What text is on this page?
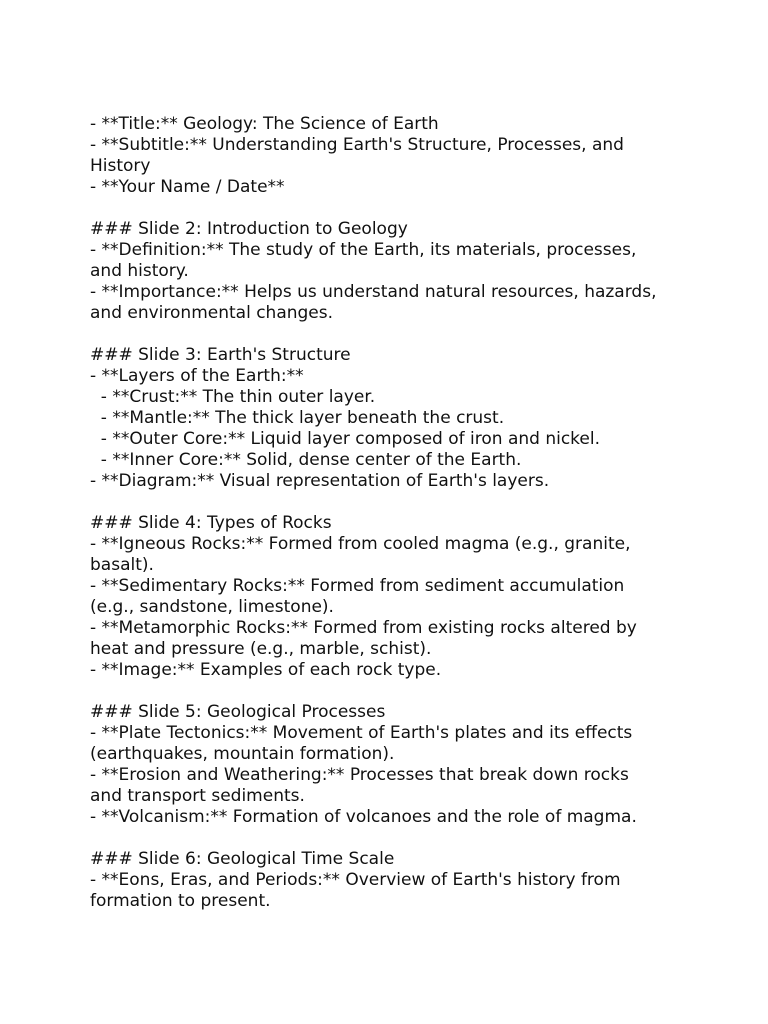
- **Title:** Geology: The Science of Earth
- **Subtitle:** Understanding Earth's Structure, Processes, and
History
- **Your Name / Date**
### Slide 2: Introduction to Geology
- **Definition:** The study of the Earth, its materials, processes,
and history.
- **Importance:** Helps us understand natural resources, hazards,
and environmental changes.
### Slide 3: Earth's Structure
- **Layers of the Earth:**
- **Crust:** The thin outer layer.
- **Mantle:** The thick layer beneath the crust.
- **Outer Core:** Liquid layer composed of iron and nickel.
- **Inner Core:** Solid, dense center of the Earth.
- **Diagram:** Visual representation of Earth's layers.
### Slide 4: Types of Rocks
- **Igneous Rocks:** Formed from cooled magma (e.g., granite,
basalt).
- **Sedimentary Rocks:** Formed from sediment accumulation
(e.g., sandstone, limestone).
- **Metamorphic Rocks:** Formed from existing rocks altered by
heat and pressure (e.g., marble, schist).
- **Image:** Examples of each rock type.
### Slide 5: Geological Processes
- **Plate Tectonics:** Movement of Earth's plates and its effects
(earthquakes, mountain formation).
- **Erosion and Weathering:** Processes that break down rocks
and transport sediments.
- **Volcanism:** Formation of volcanoes and the role of magma.
### Slide 6: Geological Time Scale
- **Eons, Eras, and Periods:** Overview of Earth's history from
formation to present.
